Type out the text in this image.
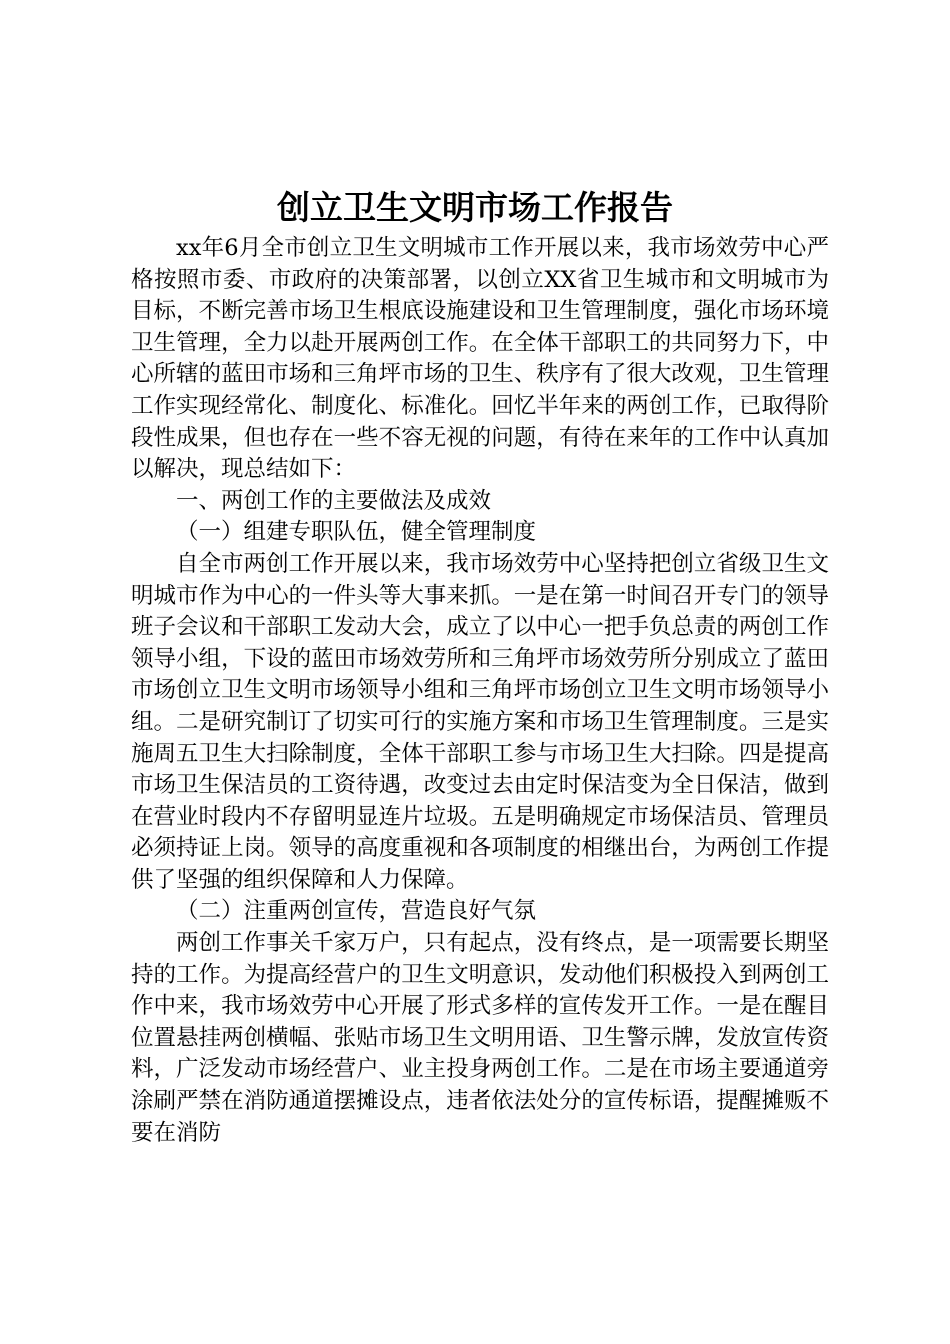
创立卫生文明市场工作报告

xx年6月全市创立卫生文明城市工作开展以来，我市场效劳中心严格按照市委、市政府的决策部署，以创立XX省卫生城市和文明城市为目标，不断完善市场卫生根底设施建设和卫生管理制度，强化市场环境卫生管理，全力以赴开展两创工作。在全体干部职工的共同努力下，中心所辖的蓝田市场和三角坪市场的卫生、秩序有了很大改观，卫生管理工作实现经常化、制度化、标准化。回忆半年来的两创工作，已取得阶段性成果，但也存在一些不容无视的问题，有待在来年的工作中认真加以解决，现总结如下：

一、两创工作的主要做法及成效

（一）组建专职队伍，健全管理制度

自全市两创工作开展以来，我市场效劳中心坚持把创立省级卫生文明城市作为中心的一件头等大事来抓。一是在第一时间召开专门的领导班子会议和干部职工发动大会，成立了以中心一把手负总责的两创工作领导小组，下设的蓝田市场效劳所和三角坪市场效劳所分别成立了蓝田市场创立卫生文明市场领导小组和三角坪市场创立卫生文明市场领导小组。二是研究制订了切实可行的实施方案和市场卫生管理制度。三是实施周五卫生大扫除制度，全体干部职工参与市场卫生大扫除。四是提高市场卫生保洁员的工资待遇，改变过去由定时保洁变为全日保洁，做到在营业时段内不存留明显连片垃圾。五是明确规定市场保洁员、管理员必须持证上岗。领导的高度重视和各项制度的相继出台，为两创工作提供了坚强的组织保障和人力保障。

（二）注重两创宣传，营造良好气氛

两创工作事关千家万户，只有起点，没有终点，是一项需要长期坚持的工作。为提高经营户的卫生文明意识，发动他们积极投入到两创工作中来，我市场效劳中心开展了形式多样的宣传发开工作。一是在醒目位置悬挂两创横幅、张贴市场卫生文明用语、卫生警示牌，发放宣传资料，广泛发动市场经营户、业主投身两创工作。二是在市场主要通道旁涂刷严禁在消防通道摆摊设点，违者依法处分的宣传标语，提醒摊贩不要在消防
